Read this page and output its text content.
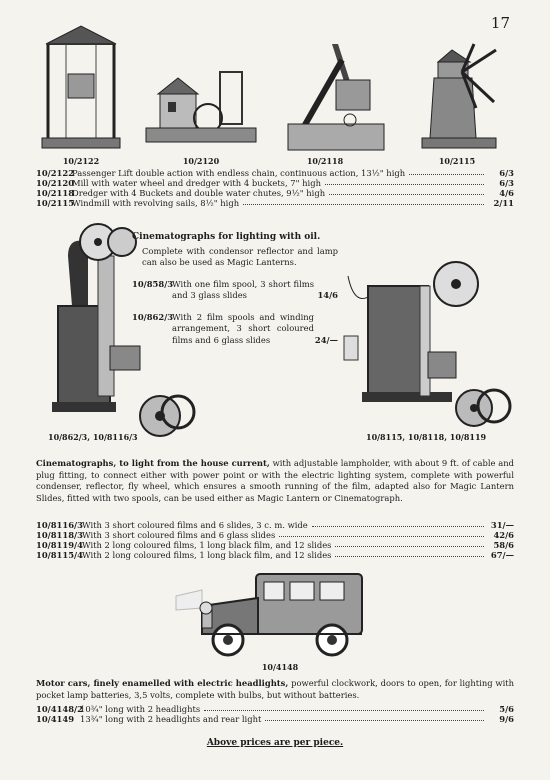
17
10/2122	10/2120	10/2118	10/2115
10/2122
Passenger Lift double action with endless chain, continuous action, 13½" high	6/3
10/2120
Mill with water wheel and dredger with 4 buckets, 7" high	6/3
10/2118
Dredger with 4 Buckets and double water chutes, 9½" high	4/6
10/2115
Windmill with revolving sails, 8½" high	2/11
10/862/3, 10/8116/3
Cinematographs for lighting with oil.
Complete with condensor reflector and lamp can also be used as Magic Lanterns.
10/858/3
With one film spool, 3 short films and 3 glass slides	14/6
10/862/3
With 2 film spools and winding arrangement, 3 short coloured films and 6 glass slides	24/—
10/8115, 10/8118, 10/8119
Cinematographs, to light from the house current, with adjustable lampholder, with about 9 ft. of cable and plug fitting, to connect either with power point or with the electric lighting system, complete with powerful condenser, reflector, fly wheel, which ensures a smooth running of the film, adapted also for Magic Lantern Slides, fitted with two spools, can be used either as Magic Lantern or Cinematograph.
10/8116/3 With 3 short coloured films and 6 slides, 3 c. m. wide	31/—
10/8118/3 With 3 short coloured films and 6 glass slides	42/6
10/8119/4 With 2 long coloured films, 1 long black film, and 12 slides	58/6
10/8115/4 With 2 long coloured films, 1 long black film, and 12 slides	67/—
10/4148
Motor cars, finely enamelled with electric headlights, powerful clockwork, doors to open, for lighting with pocket lamp batteries, 3,5 volts, complete with bulbs, but without batteries.
10/4148/2
10¾" long with 2 headlights	5/6
10/4149 13¾" long with 2 headlights and rear light	9/6
Above prices are per piece.
